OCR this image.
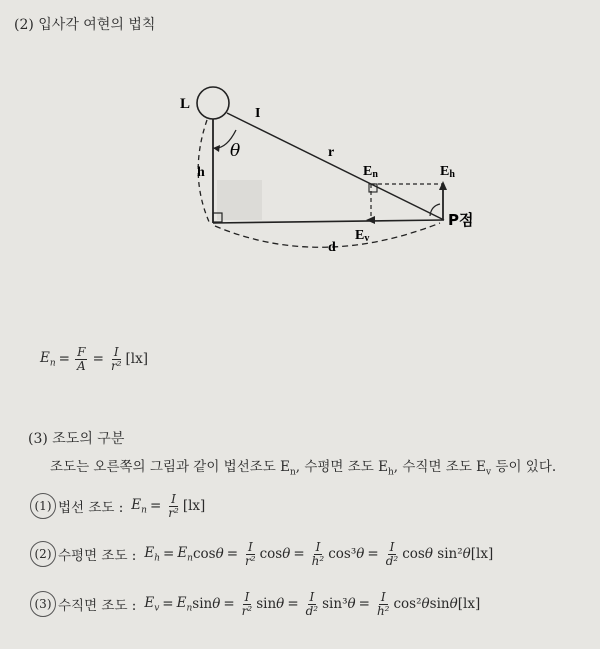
(2) 입사각 여현의 법칙
L
I
θ	r
h
d
En	Eh
Ev
P점
$E_n = \frac{F}{A} = \frac{I}{\text{r²}} [lx]$
(3) 조도의 구분
조도는 오른쪽의 그림과 같이 법선조도 $E_n$, 수평면 조도 $E_h$, 수직면 조도 $E_v$ 등이 있다.
(1) 법선 조도 : $E_n = \frac{I}{\text{r²}} [lx]$
(2) 수평면 조도 : $E_h = E_n$ $\cos \theta = \frac{I}{\text{r²}}$ $\cos \theta = \frac{I}{\text{h²}} \cos^3$ $\theta = \frac{I}{\text{d²}}$ cos θ sin² θ [lx]
(3) 수직면 조도 : $E_v = E_n$ $\sin \theta = \frac{I}{\text{r²}}$ $\sin \theta = \frac{I}{\text{d²}} \sin^3$ $\theta = \frac{I}{\text{h²}} \cos^2$ θ sin θ [lx]
